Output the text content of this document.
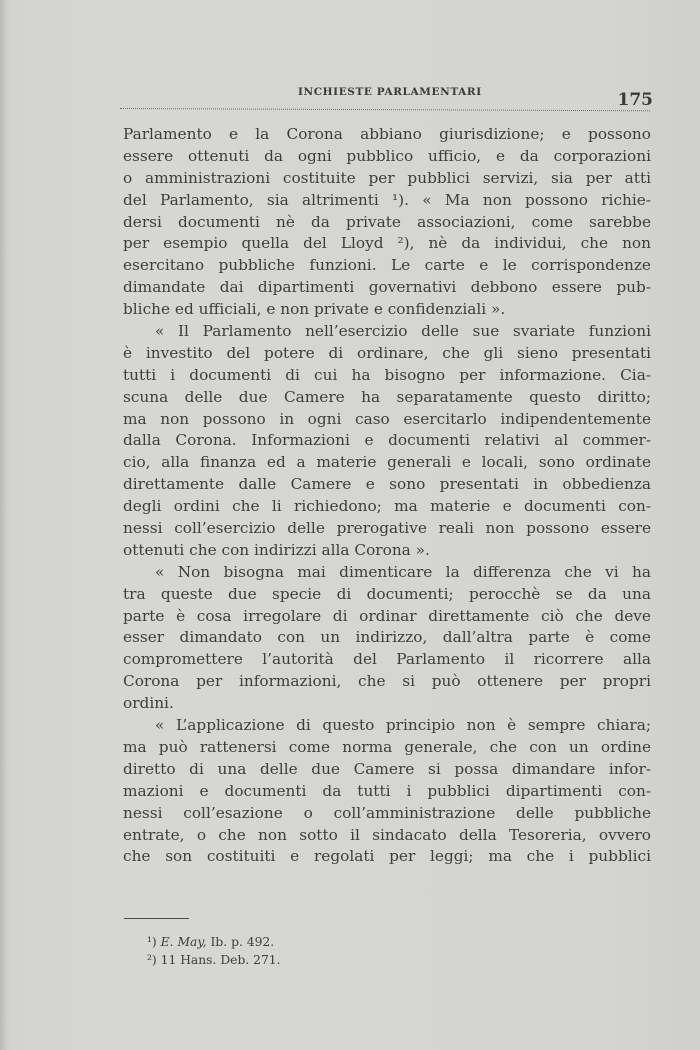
INCHIESTE PARLAMENTARI	175
Parlamento e la Corona abbiano giurisdizione; e possono
essere ottenuti da ogni pubblico ufficio, e da corporazioni
o amministrazioni costituite per pubblici servizi, sia per atti
del Parlamento, sia altrimenti ¹). « Ma non possono richie-
dersi documenti nè da private associazioni, come sarebbe
per esempio quella del Lloyd ²), nè da individui, che non
esercitano pubbliche funzioni. Le carte e le corrispondenze
dimandate dai dipartimenti governativi debbono essere pub-
bliche ed ufficiali, e non private e confidenziali ».
« Il Parlamento nell’esercizio delle sue svariate funzioni
è investito del potere di ordinare, che gli sieno presentati
tutti i documenti di cui ha bisogno per informazione. Cia-
scuna delle due Camere ha separatamente questo diritto;
ma non possono in ogni caso esercitarlo indipendentemente
dalla Corona. Informazioni e documenti relativi al commer-
cio, alla finanza ed a materie generali e locali, sono ordinate
direttamente dalle Camere e sono presentati in obbedienza
degli ordini che li richiedono; ma materie e documenti con-
nessi coll’esercizio delle prerogative reali non possono essere
ottenuti che con indirizzi alla Corona ».
« Non bisogna mai dimenticare la differenza che vi ha
tra queste due specie di documenti; perocchè se da una
parte è cosa irregolare di ordinar direttamente ciò che deve
esser dimandato con un indirizzo, dall’altra parte è come
compromettere l’autorità del Parlamento il ricorrere alla
Corona per informazioni, che si può ottenere per propri
ordini.
« L’applicazione di questo principio non è sempre chiara;
ma può rattenersi come norma generale, che con un ordine
diretto di una delle due Camere si possa dimandare infor-
mazioni e documenti da tutti i pubblici dipartimenti con-
nessi coll’esazione o coll’amministrazione delle pubbliche
entrate, o che non sotto il sindacato della Tesoreria, ovvero
che son costituiti e regolati per leggi; ma che i pubblici
¹) E. May, Ib. p. 492.
²) 11 Hans. Deb. 271.
